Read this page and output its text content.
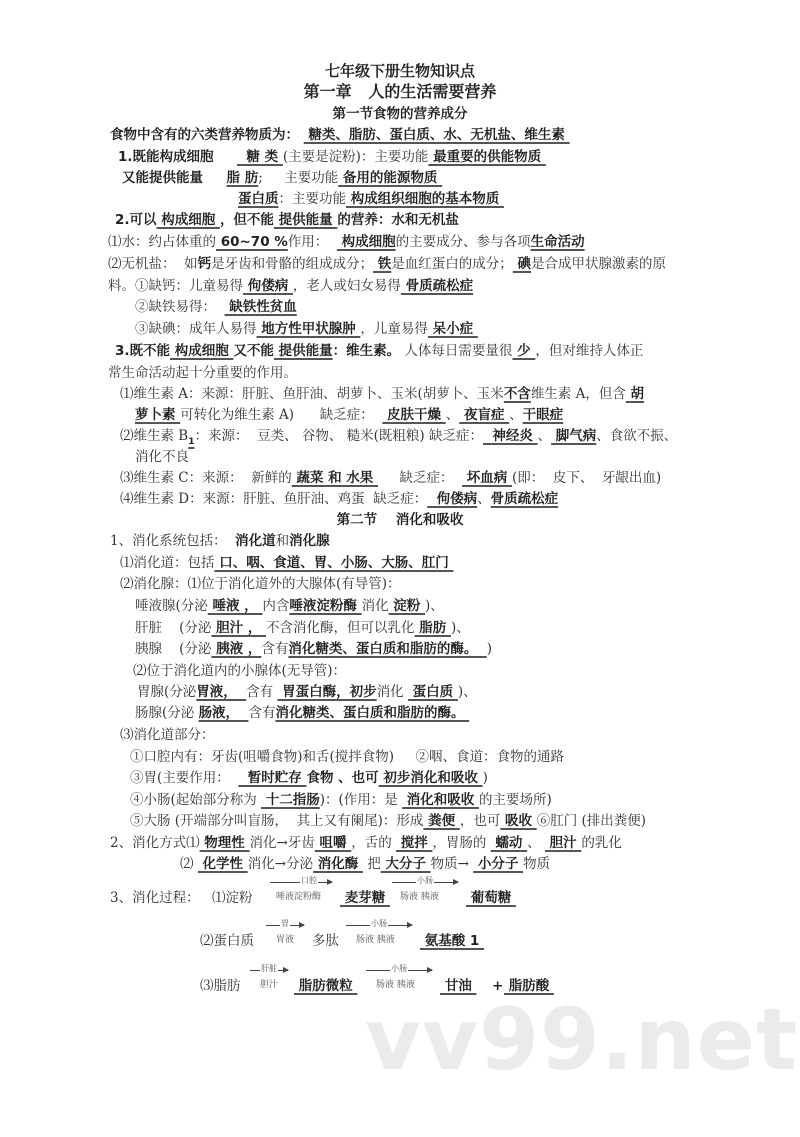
七年级下册生物知识点
第一章   人的生活需要营养
第一节食物的营养成分
食物中含有的六类营养物质为：  糖类、脂肪、蛋白质、水、无机盐、维生素
1.既能构成细胞       糖 类 (主要是淀粉)：主要功能 最重要的供能物质
又能提供能量     脂 肪;     主要功能 备用的能源物质
蛋白质：主要功能 构成组织细胞的基本物质
2.可以 构成细胞 ，但不能 提供能量 的营养：水和无机盐
⑴水：约占体重的 60~70 %作用：   构成细胞的主要成分、参与各项生命活动
⑵无机盐：  如钙是牙齿和骨骼的组成成分； 铁是血红蛋白的成分； 碘是合成甲状腺激素的原
料。①缺钙：儿童易得 佝偻病 ，老人或妇女易得 骨质疏松症
②缺铁易得：   缺铁性贫血
③缺碘：成年人易得 地方性甲状腺肿 ，儿童易得 呆小症
3.既不能 构成细胞 又不能 提供能量：维生素。 人体每日需要量很 少 ，但对维持人体正
常生命活动起十分重要的作用。
⑴维生素 A：来源：肝脏、鱼肝油、胡萝卜、玉米(胡萝卜、玉米不含维生素 A，但含 胡
萝卜素 可转化为维生素 A)      缺乏症：   皮肤干燥 、 夜盲症 、干眼症
⑵维生素 $B_1$：来源：  豆类、 谷物、 糙米(既粗粮) 缺乏症：  神经炎 、 脚气病、食欲不振、
消化不良
⑶维生素 C：来源：  新鲜的 蔬菜 和 水果      缺乏症：   坏血病 (即：  皮下、  牙龈出血)
⑷维生素 D：来源：肝脏、鱼肝油、鸡蛋  缺乏症：  佝偻病、骨质疏松症
第二节    消化和吸收
1、消化系统包括：  消化道和消化腺
⑴消化道：包括 口、咽、食道、胃、小肠、大肠、肛门
⑵消化腺：⑴位于消化道外的大腺体(有导管)：
唾液腺(分泌 唾液 ， 内含唾液淀粉酶 消化 淀粉 )、
肝脏    (分泌 胆汁 ， 不含消化酶，但可以乳化 脂肪 )、
胰腺    (分泌 胰液 ，含有消化糖类、蛋白质和脂肪的酶。  )
⑵位于消化道内的小腺体(无导管)：
胃腺(分泌胃液，  含有  胃蛋白酶，初步消化  蛋白质 )、
肠腺(分泌 肠液，  含有消化糖类、蛋白质和脂肪的酶。
⑶消化道部分：
①口腔内有：牙齿(咀嚼食物)和舌(搅拌食物)     ②咽、食道：食物的通路
③胃(主要作用：    暂时贮存 食物 、也可 初步消化和吸收 )
④小肠(起始部分称为  十二指肠)：(作用：是  消化和吸收 的主要场所)
⑤大肠 (开端部分叫盲肠，  其上又有阑尾)：形成 粪便 ，也可 吸收 ⑥肛门 (排出粪便)
2、消化方式⑴ 物理性 消化→牙齿 咀嚼 ，舌的  搅拌 ，胃肠的  蠕动 、  胆汁 的乳化
⑵  化学性 消化→分泌 消化酶  把 大分子 物质→  小分子 物质
3、消化过程： ⑴淀粉
口腔
唾液淀粉酶 麦芽糖
小肠
肠液 胰液 葡萄糖
⑵蛋白质
胃
胃液 多肽
小肠
肠液 胰液 氨基酸 1
⑶脂肪
肝脏
胆汁 脂肪微粒
小肠
肠液 胰液 甘油 + 脂肪酸
vv99.net
